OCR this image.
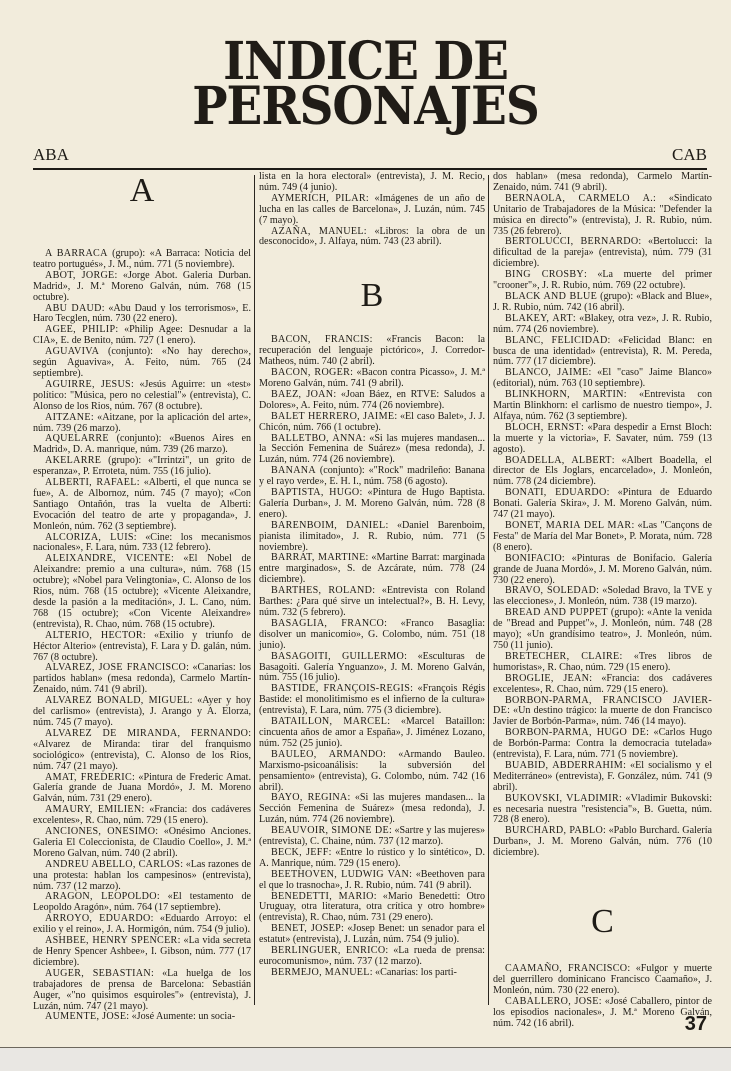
INDICE DE
PERSONAJES
ABA	CAB
A

A BARRACA (grupo): «A Barraca: Noticia del teatro portugués», J. M., núm. 771 (5 noviembre).

ABOT, JORGE: «Jorge Abot. Galeria Durban. Madrid», J. M.ª Moreno Galván, núm. 768 (15 octubre).

ABU DAUD: «Abu Daud y los terrorismos», E. Haro Tecglen, núm. 730 (22 enero).

AGEE, PHILIP: «Philip Agee: Desnudar a la CIA», E. de Benito, núm. 727 (1 enero).

AGUAVIVA (conjunto): «No hay derecho», según Aguaviva», A. Feito, núm. 765 (24 septiembre).

AGUIRRE, JESUS: «Jesús Aguirre: un «test» político: "Música, pero no celestial"» (entrevista), C. Alonso de los Rios, núm. 767 (8 octubre).

AITZANE: «Aitzane, por la aplicación del arte», núm. 739 (26 marzo).

AQUELARRE (conjunto): «Buenos Aires en Madrid», D. A. manrique, núm. 739 (26 marzo).

AKELARRE (grupo): «"Irrintzi", un grito de esperanza», P. Erroteta, núm. 755 (16 julio).

ALBERTI, RAFAEL: «Alberti, el que nunca se fue», A. de Albornoz, núm. 745 (7 mayo); «Con Santiago Ontañón, tras la vuelta de Alberti: Evocación del teatro de arte y propaganda», J. Monleón, núm. 762 (3 septiembre).

ALCORIZA, LUIS: «Cine: los mecanismos nacionales», F. Lara, núm. 733 (12 febrero).

ALEIXANDRE, VICENTE: «El Nobel de Aleixandre: premio a una cultura», núm. 768 (15 octubre); «Nobel para Velingtonia», C. Alonso de los Rios, núm. 768 (15 octubre); «Vicente Aleixandre, desde la pasión a la meditación», J. L. Cano, núm. 768 (15 octubre); «Con Vicente Aleixandre» (entrevista), R. Chao, núm. 768 (15 octubre).

ALTERIO, HECTOR: «Exilio y triunfo de Héctor Alterio» (entrevista), F. Lara y D. galán, núm. 767 (8 octubre).

ALVAREZ, JOSE FRANCISCO: «Canarias: los partidos hablan» (mesa redonda), Carmelo Martín-Zenaido, núm. 741 (9 abril).

ALVAREZ BONALD, MIGUEL: «Ayer y hoy del carlismo» (entrevista), J. Arango y A. Elorza, núm. 745 (7 mayo).

ALVAREZ DE MIRANDA, FERNANDO: «Alvarez de Miranda: tirar del franquismo sociológico» (entrevista), C. Alonso de los Rios, núm. 747 (21 mayo).

AMAT, FREDERIC: «Pintura de Frederic Amat. Galería grande de Juana Mordó», J. M. Moreno Galván, núm. 731 (29 enero).

AMAURY, EMILIEN: «Francia: dos cadáveres excelentes», R. Chao, núm. 729 (15 enero).

ANCIONES, ONESIMO: «Onésimo Anciones. Galeria El Coleccionista, de Claudio Coello», J. M.ª Moreno Galvan, núm. 740 (2 abril).

ANDREU ABELLO, CARLOS: «Las razones de una protesta: hablan los campesinos» (entrevista), núm. 737 (12 marzo).

ARAGON, LEOPOLDO: «El testamento de Leopoldo Aragón», núm. 764 (17 septiembre).

ARROYO, EDUARDO: «Eduardo Arroyo: el exilio y el reino», J. A. Hormigón, núm. 754 (9 julio).

ASHBEE, HENRY SPENCER: «La vida secreta de Henry Spencer Ashbee», I. Gibson, núm. 777 (17 diciembre).

AUGER, SEBASTIAN: «La huelga de los trabajadores de prensa de Barcelona: Sebastián Auger, «"no quisimos esquiroles"» (entrevista), J. Luzán, núm. 747 (21 mayo).

AUMENTE, JOSE: «José Aumente: un socia-

lista en la hora electoral» (entrevista), J. M. Recio, núm. 749 (4 junio).

AYMERICH, PILAR: «Imágenes de un año de lucha en las calles de Barcelona», J. Luzán, núm. 745 (7 mayo).

AZAÑA, MANUEL: «Libros: la obra de un desconocido», J. Alfaya, núm. 743 (23 abril).

B

BACON, FRANCIS: «Francis Bacon: la recuperación del lenguaje pictórico», J. Corredor-Matheos, núm. 740 (2 abril).

BACON, ROGER: «Bacon contra Picasso», J. M.ª Moreno Galván, núm. 741 (9 abril).

BAEZ, JOAN: «Joan Báez, en RTVE: Saludos a Dolores», A. Feito, núm. 774 (26 noviembre).

BALET HERRERO, JAIME: «El caso Balet», J. J. Chicón, núm. 766 (1 octubre).

BALLETBO, ANNA: «Si las mujeres mandasen... la Sección Femenina de Suárez» (mesa redonda), J. Luzán, núm. 774 (26 noviembre).

BANANA (conjunto): «"Rock" madrileño: Banana y el rayo verde», E. H. I., núm. 758 (6 agosto).

BAPTISTA, HUGO: «Pintura de Hugo Baptista. Galería Durban», J. M. Moreno Galván, núm. 728 (8 enero).

BARENBOIM, DANIEL: «Daniel Barenboim, pianista ilimitado», J. R. Rubio, núm. 771 (5 noviembre).

BARRAT, MARTINE: «Martine Barrat: marginada entre marginados», S. de Azcárate, núm. 778 (24 diciembre).

BARTHES, ROLAND: «Entrevista con Roland Barthes: ¿Para qué sirve un intelectual?», B. H. Levy, núm. 732 (5 febrero).

BASAGLIA, FRANCO: «Franco Basaglia: disolver un manicomio», G. Colombo, núm. 751 (18 junio).

BASAGOITI, GUILLERMO: «Esculturas de Basagoiti. Galería Ynguanzo», J. M. Moreno Galván, núm. 755 (16 julio).

BASTIDE, FRANÇOIS-REGIS: «François Régis Bastide: el monolitimismo es el infierno de la cultura» (entrevista), F. Lara, núm. 775 (3 diciembre).

BATAILLON, MARCEL: «Marcel Bataillon: cincuenta años de amor a España», J. Jiménez Lozano, núm. 752 (25 junio).

BAULEO, ARMANDO: «Armando Bauleo. Marxismo-psicoanálisis: la subversión del pensamiento» (entrevista), G. Colombo, núm. 742 (16 abril).

BAYO, REGINA: «Si las mujeres mandasen... la Sección Femenina de Suárez» (mesa redonda), J. Luzán, núm. 774 (26 noviembre).

BEAUVOIR, SIMONE DE: «Sartre y las mujeres» (entrevista), C. Chaine, núm. 737 (12 marzo).

BECK, JEFF: «Entre lo rústico y lo sintético», D. A. Manrique, núm. 729 (15 enero).

BEETHOVEN, LUDWIG VAN: «Beethoven para el que lo trasnocha», J. R. Rubio, núm. 741 (9 abril).

BENEDETTI, MARIO: «Mario Benedetti: Otro Uruguay, otra literatura, otra crítica y otro hombre» (entrevista), R. Chao, núm. 731 (29 enero).

BENET, JOSEP: «Josep Benet: un senador para el estatut» (entrevista), J. Luzán, núm. 754 (9 julio).

BERLINGUER, ENRICO: «La rueda de prensa: eurocomunismo», núm. 737 (12 marzo).

BERMEJO, MANUEL: «Canarias: los parti-

dos hablan» (mesa redonda), Carmelo Martín-Zenaido, núm. 741 (9 abril).

BERNAOLA, CARMELO A.: «Sindicato Unitario de Trabajadores de la Música: "Defender la música en directo"» (entrevista), J. R. Rubio, núm. 735 (26 febrero).

BERTOLUCCI, BERNARDO: «Bertolucci: la dificultad de la pareja» (entrevista), núm. 779 (31 diciembre).

BING CROSBY: «La muerte del primer "crooner"», J. R. Rubio, núm. 769 (22 octubre).

BLACK AND BLUE (grupo): «Black and Blue», J. R. Rubio, núm. 742 (16 abril).

BLAKEY, ART: «Blakey, otra vez», J. R. Rubio, núm. 774 (26 noviembre).

BLANC, FELICIDAD: «Felicidad Blanc: en busca de una identidad» (entrevista), R. M. Pereda, núm. 777 (17 diciembre).

BLANCO, JAIME: «El "caso" Jaime Blanco» (editorial), núm. 763 (10 septiembre).

BLINKHORN, MARTIN: «Entrevista con Martin Blinkhorn: el carlismo de nuestro tiempo», J. Alfaya, núm. 762 (3 septiembre).

BLOCH, ERNST: «Para despedir a Ernst Bloch: la muerte y la victoria», F. Savater, núm. 759 (13 agosto).

BOADELLA, ALBERT: «Albert Boadella, el director de Els Joglars, encarcelado», J. Monleón, núm. 778 (24 diciembre).

BONATI, EDUARDO: «Pintura de Eduardo Bonati. Galería Skira», J. M. Moreno Galván, núm. 747 (21 mayo).

BONET, MARIA DEL MAR: «Las "Cançons de Festa" de María del Mar Bonet», P. Morata, núm. 728 (8 enero).

BONIFACIO: «Pinturas de Bonifacio. Galería grande de Juana Mordó», J. M. Moreno Galván, núm. 730 (22 enero).

BRAVO, SOLEDAD: «Soledad Bravo, la TVE y las elecciones», J. Monleón, núm. 738 (19 marzo).

BREAD AND PUPPET (grupo): «Ante la venida de "Bread and Puppet"», J. Monleón, núm. 748 (28 mayo); «Un grandísimo teatro», J. Monleón, núm. 750 (11 junio).

BRETECHER, CLAIRE: «Tres libros de humoristas», R. Chao, núm. 729 (15 enero).

BROGLIE, JEAN: «Francia: dos cadáveres excelentes», R. Chao, núm. 729 (15 enero).

BORBON-PARMA, FRANCISCO JAVIER-DE: «Un destino trágico: la muerte de don Francisco Javier de Borbón-Parma», núm. 746 (14 mayo).

BORBON-PARMA, HUGO DE: «Carlos Hugo de Borbón-Parma: Contra la democracia tutelada» (entrevista), F. Lara, núm. 771 (5 noviembre).

BUABID, ABDERRAHIM: «El socialismo y el Mediterráneo» (entrevista), F. González, núm. 741 (9 abril).

BUKOVSKI, VLADIMIR: «Vladimir Bukovski: es necesaria nuestra "resistencia"», B. Guetta, núm. 728 (8 enero).

BURCHARD, PABLO: «Pablo Burchard. Galería Durban», J. M. Moreno Galván, núm. 776 (10 diciembre).

C

CAAMAÑO, FRANCISCO: «Fulgor y muerte del guerrillero dominicano Francisco Caamaño», J. Monleón, núm. 730 (22 enero).

CABALLERO, JOSE: «José Caballero, pintor de los episodios nacionales», J. M.ª Moreno Galván, núm. 742 (16 abril).	37
